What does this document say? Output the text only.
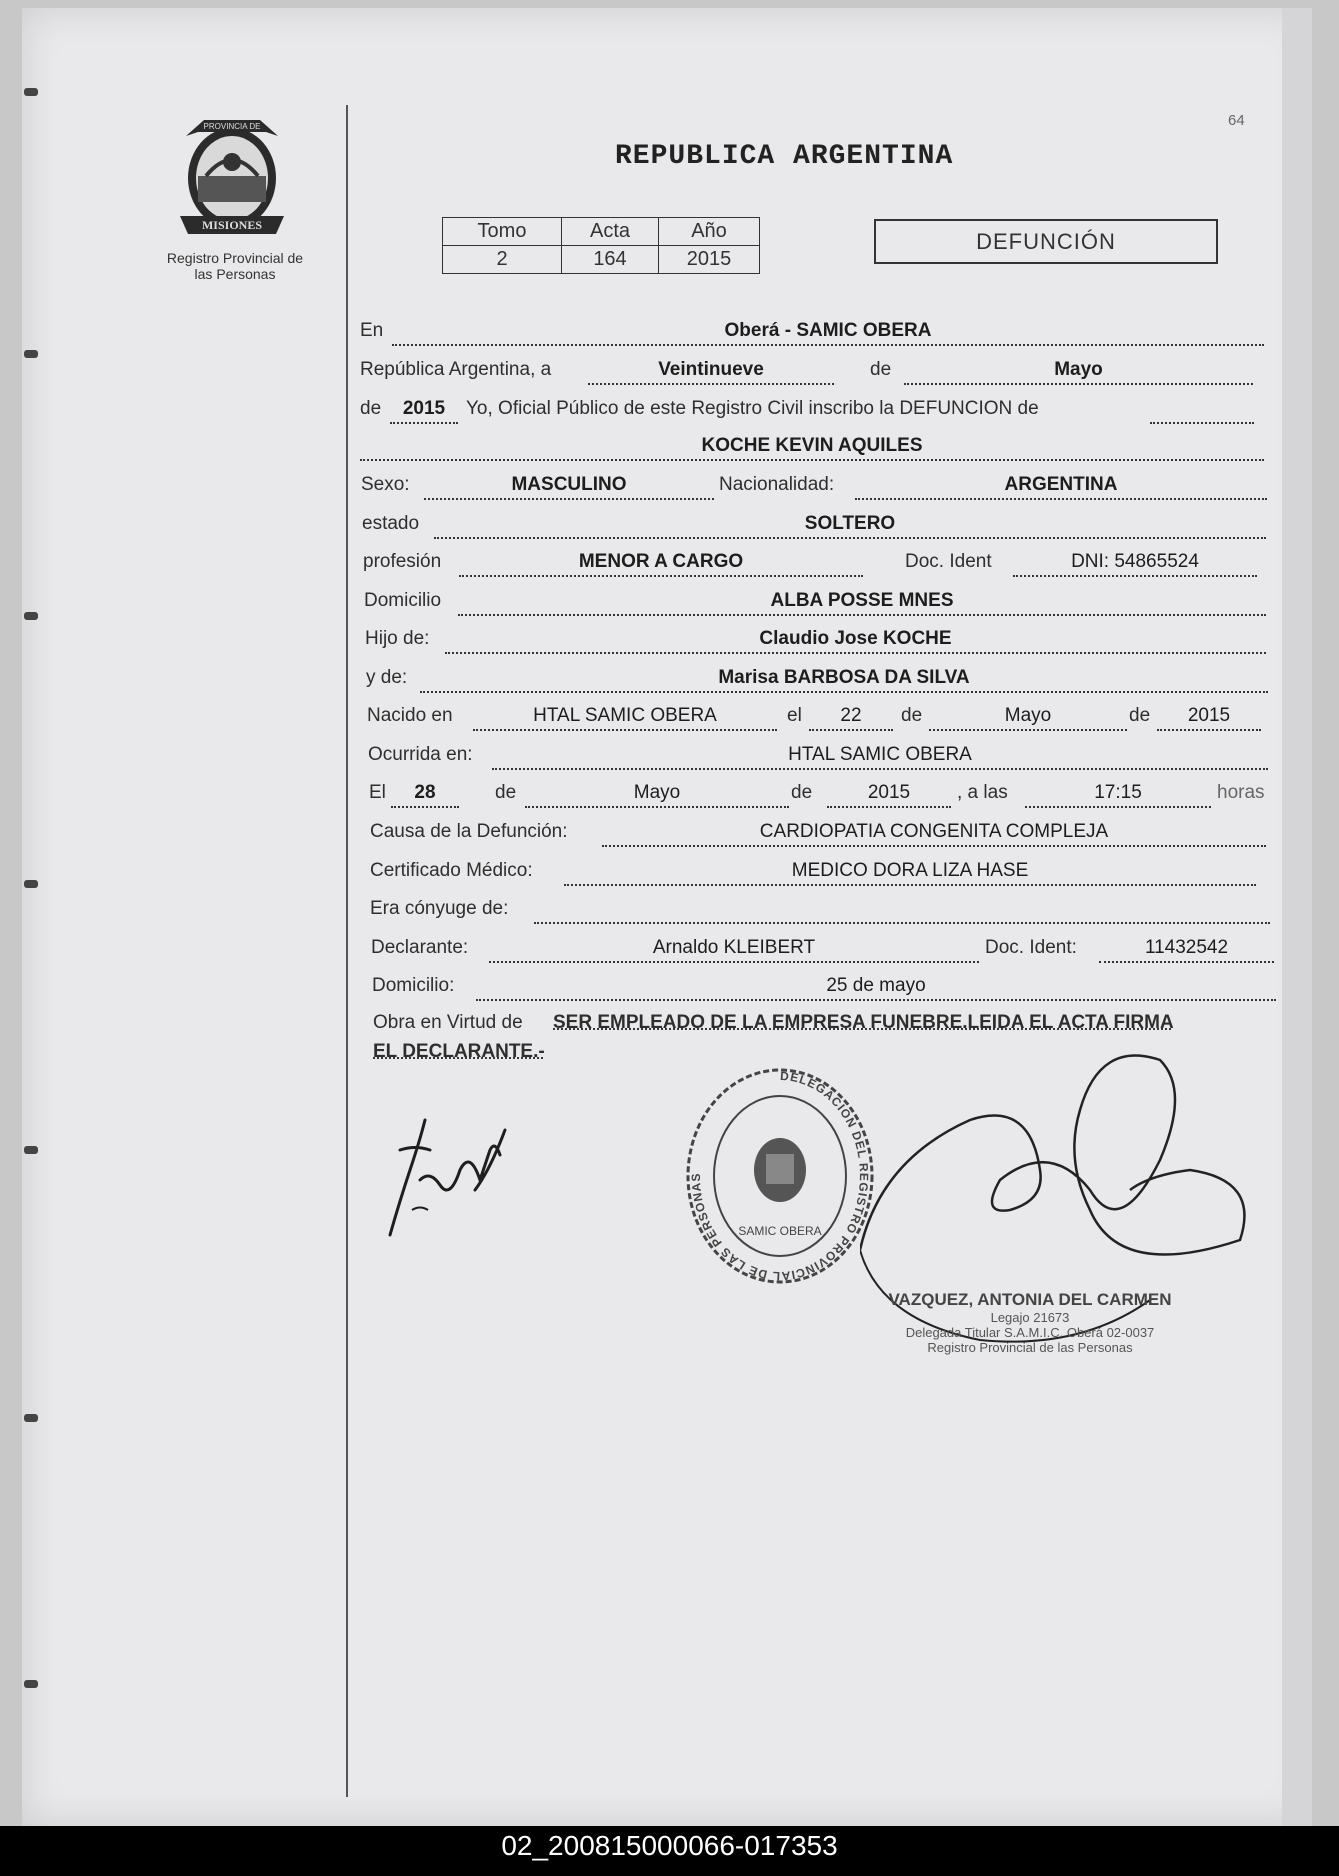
PROVINCIA DE
MISIONES
Registro Provincial de
las Personas
64
REPUBLICA ARGENTINA
Tomo	Acta	Año
2	164	2015
DEFUNCIÓN
En	Oberá - SAMIC OBERA
República Argentina, a	Veintinueve	de	Mayo
de	2015	Yo, Oficial Público de este Registro Civil inscribo la DEFUNCION de
KOCHE KEVIN AQUILES
Sexo:	MASCULINO	Nacionalidad:	ARGENTINA
estado	SOLTERO
profesión	MENOR A CARGO	Doc. Ident	DNI: 54865524
Domicilio	ALBA POSSE MNES
Hijo de:	Claudio Jose KOCHE
y de:	Marisa BARBOSA DA SILVA
Nacido en	HTAL SAMIC OBERA	el	22	de	Mayo	de	2015
Ocurrida en:	HTAL SAMIC OBERA
El	28	de	Mayo	de	2015	, a las	17:15	horas
Causa de la Defunción:	CARDIOPATIA CONGENITA COMPLEJA
Certificado Médico:	MEDICO DORA LIZA HASE
Era cónyuge de:
Declarante:	Arnaldo KLEIBERT	Doc. Ident:	11432542
Domicilio:	25 de mayo
Obra en Virtud de SER EMPLEADO DE LA EMPRESA FUNEBRE.LEIDA EL ACTA FIRMA
EL DECLARANTE.-
DELEGACION DEL REGISTRO PROVINCIAL DE LAS PERSONAS
SAMIC OBERA
VAZQUEZ, ANTONIA DEL CARMEN
Legajo 21673
Delegada Titular S.A.M.I.C. Oberá 02-0037
Registro Provincial de las Personas
02_200815000066-017353
